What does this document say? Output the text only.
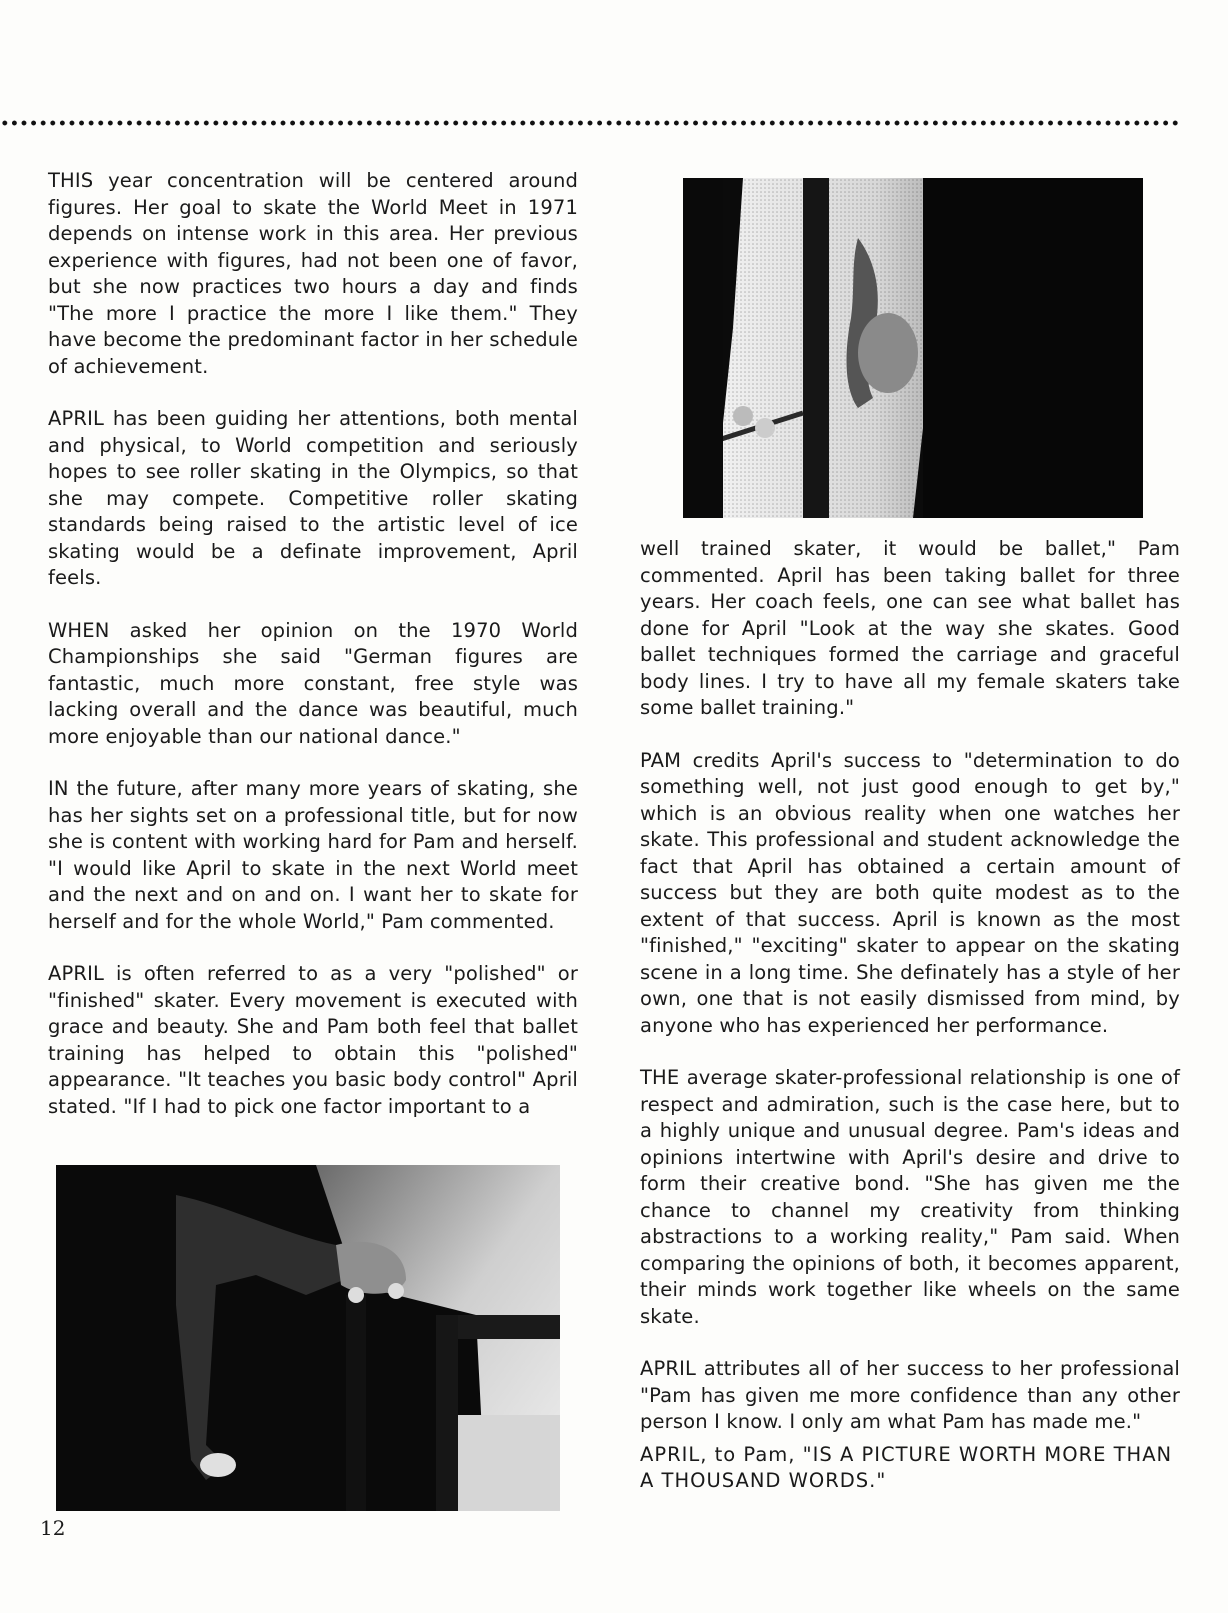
THIS year concentration will be centered around figures. Her goal to skate the World Meet in 1971 depends on intense work in this area. Her previous experience with figures, had not been one of favor, but she now practices two hours a day and finds "The more I practice the more I like them." They have become the predominant factor in her schedule of achievement.

APRIL has been guiding her attentions, both mental and physical, to World competition and seriously hopes to see roller skating in the Olympics, so that she may compete. Competitive roller skating standards being raised to the artistic level of ice skating would be a definate improvement, April feels.

WHEN asked her opinion on the 1970 World Championships she said "German figures are fantastic, much more constant, free style was lacking overall and the dance was beautiful, much more enjoyable than our national dance."

IN the future, after many more years of skating, she has her sights set on a professional title, but for now she is content with working hard for Pam and herself. "I would like April to skate in the next World meet and the next and on and on. I want her to skate for herself and for the whole World," Pam commented.

APRIL is often referred to as a very "polished" or "finished" skater. Every movement is executed with grace and beauty. She and Pam both feel that ballet training has helped to obtain this "polished" appearance. "It teaches you basic body control" April stated. "If I had to pick one factor important to a

well trained skater, it would be ballet," Pam commented. April has been taking ballet for three years. Her coach feels, one can see what ballet has done for April "Look at the way she skates. Good ballet techniques formed the carriage and graceful body lines. I try to have all my female skaters take some ballet training."

PAM credits April's success to "determination to do something well, not just good enough to get by," which is an obvious reality when one watches her skate. This professional and student acknowledge the fact that April has obtained a certain amount of success but they are both quite modest as to the extent of that success. April is known as the most "finished," "exciting" skater to appear on the skating scene in a long time. She definately has a style of her own, one that is not easily dismissed from mind, by anyone who has experienced her performance.

THE average skater-professional relationship is one of respect and admiration, such is the case here, but to a highly unique and unusual degree. Pam's ideas and opinions intertwine with April's desire and drive to form their creative bond. "She has given me the chance to channel my creativity from thinking abstractions to a working reality," Pam said. When comparing the opinions of both, it becomes apparent, their minds work together like wheels on the same skate.

APRIL attributes all of her success to her professional "Pam has given me more confidence than any other person I know. I only am what Pam has made me."

APRIL, to Pam, "IS A PICTURE WORTH MORE THAN A THOUSAND WORDS."

12
